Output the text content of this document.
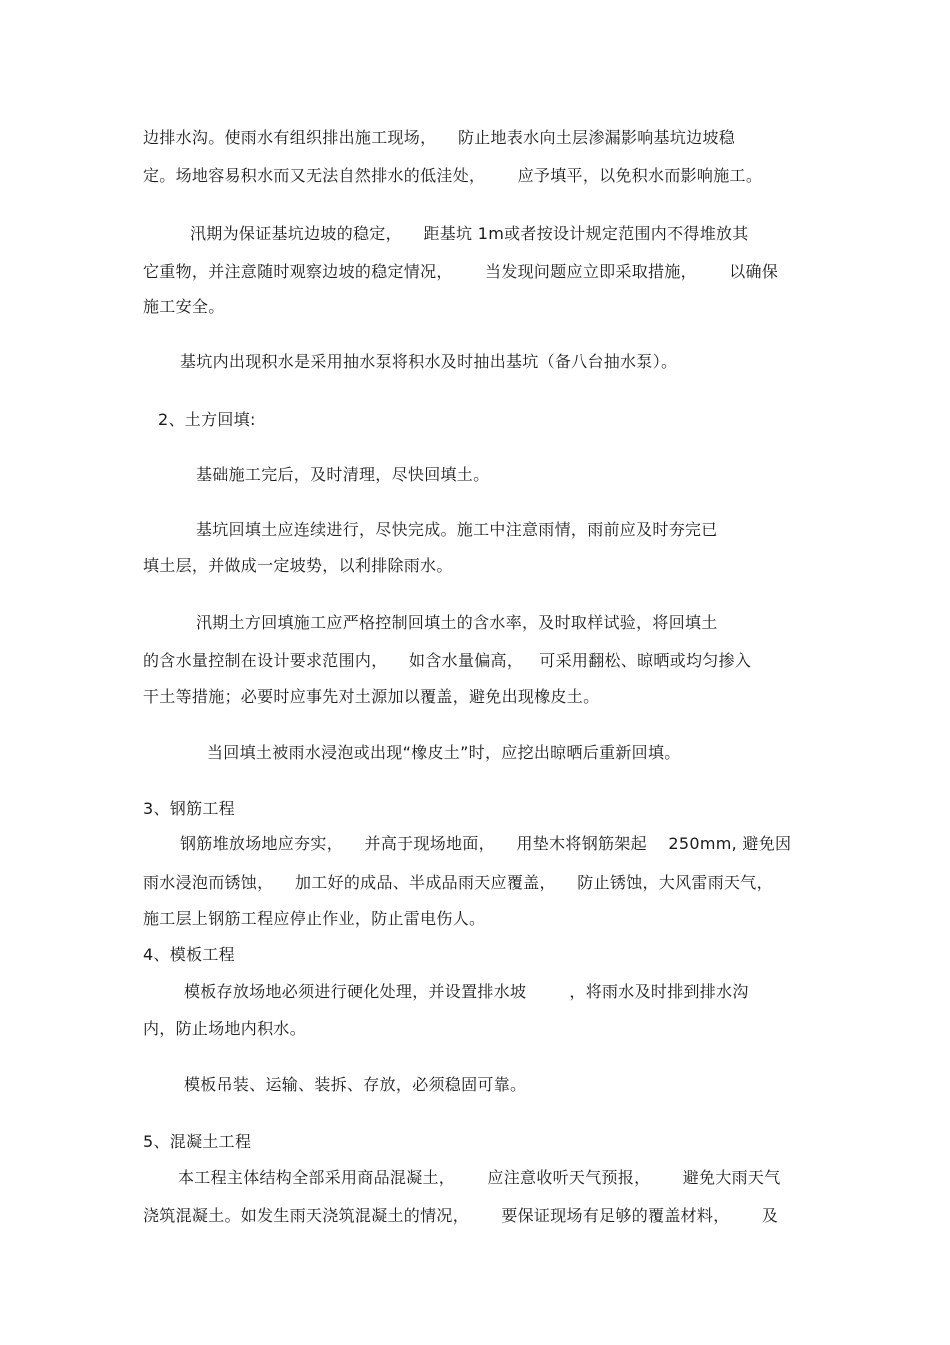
边排水沟。使雨水有组织排出施工现场，    防止地表水向土层渗漏影响基坑边坡稳
定。场地容易积水而又无法自然排水的低洼处，      应予填平，以免积水而影响施工。
汛期为保证基坑边坡的稳定，    距基坑 1m或者按设计规定范围内不得堆放其
它重物，并注意随时观察边坡的稳定情况，      当发现问题应立即采取措施，      以确保
施工安全。
基坑内出现积水是采用抽水泵将积水及时抽出基坑（备八台抽水泵）。
2、土方回填:
基础施工完后，及时清理，尽快回填土。
基坑回填土应连续进行，尽快完成。施工中注意雨情，雨前应及时夯完已
填土层，并做成一定坡势，以利排除雨水。
汛期土方回填施工应严格控制回填土的含水率，及时取样试验，将回填土
的含水量控制在设计要求范围内，    如含水量偏高，   可采用翻松、晾晒或均匀掺入
干土等措施；必要时应事先对土源加以覆盖，避免出现橡皮土。
当回填土被雨水浸泡或出现“橡皮土”时，应挖出晾晒后重新回填。
3、钢筋工程
钢筋堆放场地应夯实，    并高于现场地面，    用垫木将钢筋架起    250mm, 避免因
雨水浸泡而锈蚀，    加工好的成品、半成品雨天应覆盖，    防止锈蚀，大风雷雨天气，
施工层上钢筋工程应停止作业，防止雷电伤人。
4、模板工程
模板存放场地必须进行硬化处理，并设置排水坡        ，将雨水及时排到排水沟
内，防止场地内积水。
模板吊装、运输、装拆、存放，必须稳固可靠。
5、混凝土工程
本工程主体结构全部采用商品混凝土，      应注意收听天气预报，      避免大雨天气
浇筑混凝土。如发生雨天浇筑混凝土的情况，      要保证现场有足够的覆盖材料，      及
